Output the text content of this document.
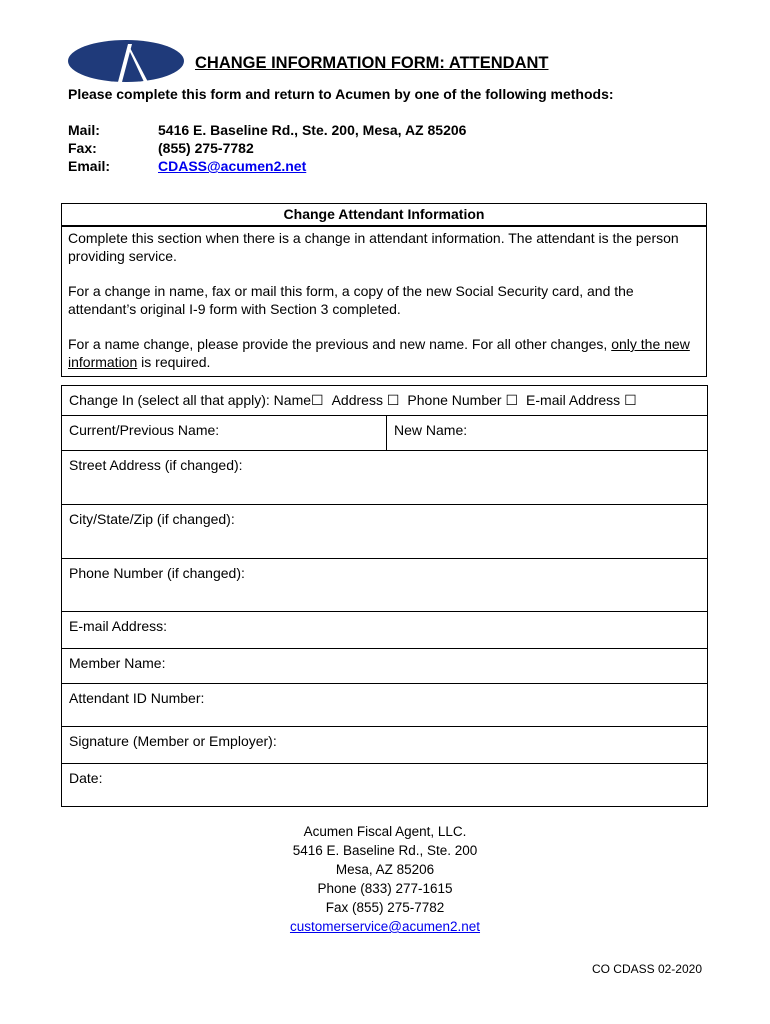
CHANGE INFORMATION FORM: ATTENDANT
Please complete this form and return to Acumen by one of the following methods:
Mail:	5416 E. Baseline Rd., Ste. 200, Mesa, AZ 85206
Fax:	(855) 275-7782
Email:	CDASS@acumen2.net
Change Attendant Information

Complete this section when there is a change in attendant information. The attendant is the person providing service.

For a change in name, fax or mail this form, a copy of the new Social Security card, and the attendant’s original I-9 form with Section 3 completed.

For a name change, please provide the previous and new name. For all other changes, only the new information is required.

Change In (select all that apply): Name☐ Address ☐ Phone Number ☐ E-mail Address ☐
Current/Previous Name:	New Name:
Street Address (if changed):
City/State/Zip (if changed):
Phone Number (if changed):
E-mail Address:
Member Name:
Attendant ID Number:
Signature (Member or Employer):
Date:
Acumen Fiscal Agent, LLC.
5416 E. Baseline Rd., Ste. 200
Mesa, AZ 85206
Phone (833) 277-1615
Fax (855) 275-7782
customerservice@acumen2.net
CO CDASS 02-2020
